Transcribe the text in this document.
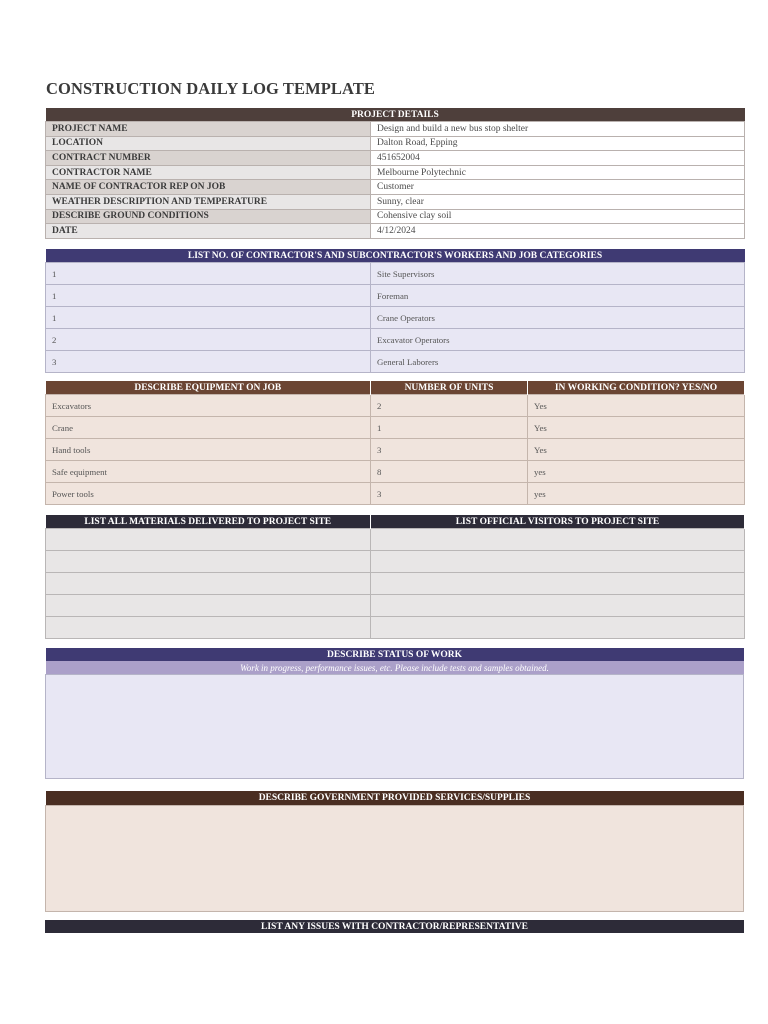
CONSTRUCTION DAILY LOG TEMPLATE
PROJECT DETAILS	
PROJECT NAME	Design and build a new bus stop shelter
LOCATION	Dalton Road, Epping
CONTRACT NUMBER	451652004
CONTRACTOR NAME	Melbourne Polytechnic
NAME OF CONTRACTOR REP ON JOB	Customer
WEATHER DESCRIPTION AND TEMPERATURE	Sunny, clear
DESCRIBE GROUND CONDITIONS	Cohensive clay soil
DATE	4/12/2024
LIST NO. OF CONTRACTOR'S AND SUBCONTRACTOR'S WORKERS AND JOB CATEGORIES	
1	Site Supervisors
1	Foreman
1	Crane Operators
2	Excavator Operators
3	General Laborers
DESCRIBE EQUIPMENT ON JOB	NUMBER OF UNITS	IN WORKING CONDITION? YES/NO
Excavators	2	Yes
Crane	1	Yes
Hand tools	3	Yes
Safe equipment	8	yes
Power tools	3	yes
LIST ALL MATERIALS DELIVERED TO PROJECT SITE	LIST OFFICIAL VISITORS TO PROJECT SITE

DESCRIBE STATUS OF WORK
Work in progress, performance issues, etc. Please include tests and samples obtained.

DESCRIBE GOVERNMENT PROVIDED SERVICES/SUPPLIES

LIST ANY ISSUES WITH CONTRACTOR/REPRESENTATIVE
